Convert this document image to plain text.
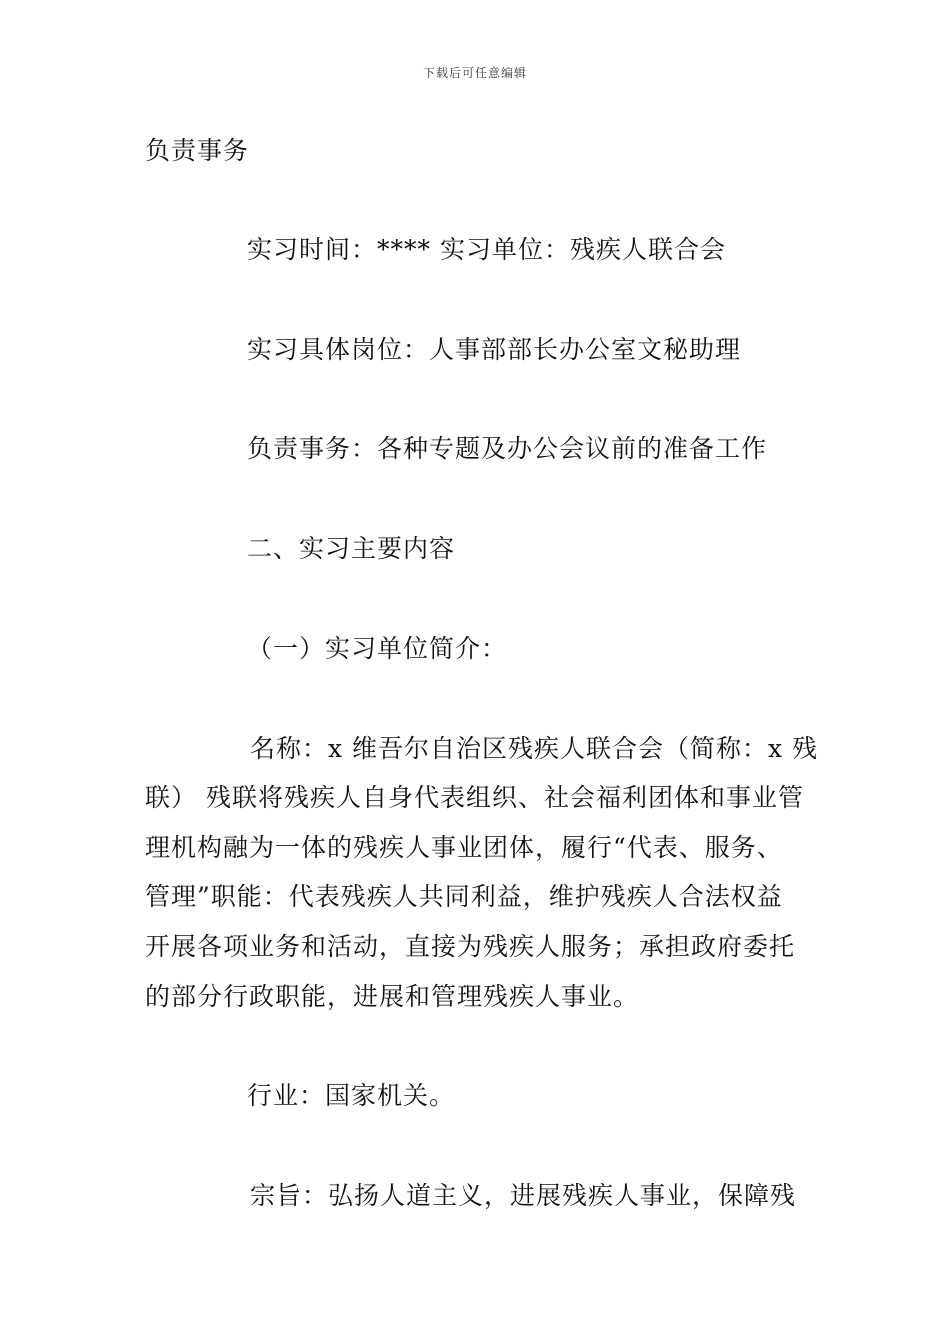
下载后可任意编辑
负责事务
实习时间：**** 实习单位：残疾人联合会
实习具体岗位：人事部部长办公室文秘助理
负责事务：各种专题及办公会议前的准备工作
二、实习主要内容
（一）实习单位简介：
名称：x 维吾尔自治区残疾人联合会（简称：x 残
联） 残联将残疾人自身代表组织、社会福利团体和事业管
理机构融为一体的残疾人事业团体，履行“代表、服务、
管理”职能：代表残疾人共同利益，维护残疾人合法权益
开展各项业务和活动，直接为残疾人服务；承担政府委托
的部分行政职能，进展和管理残疾人事业。
行业：国家机关。
宗旨：弘扬人道主义，进展残疾人事业，保障残
